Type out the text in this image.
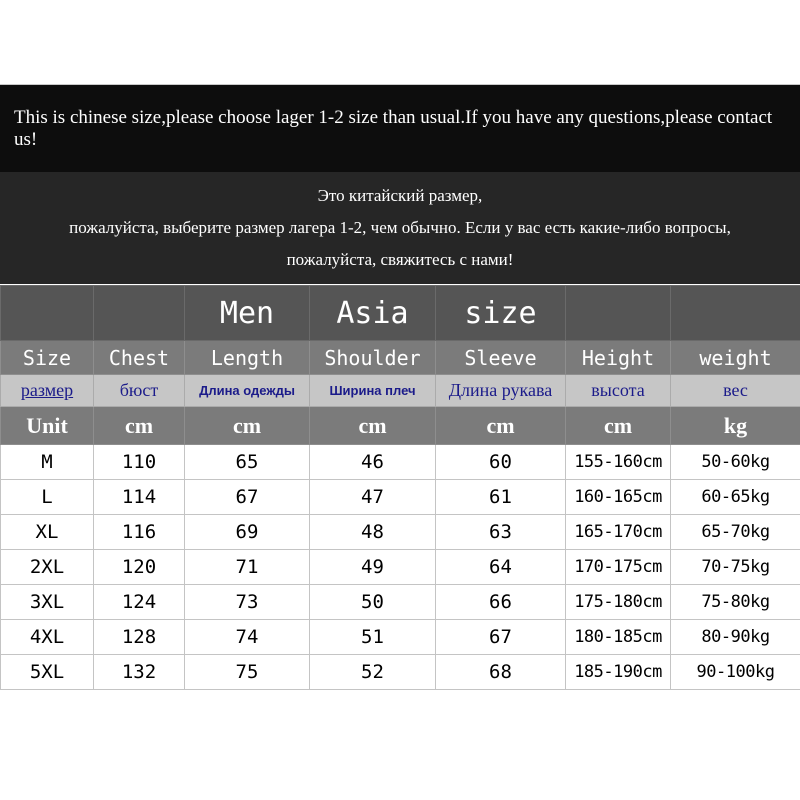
This is chinese size,please choose lager 1-2 size than usual.If you have any questions,please contact us!
Это китайский размер,
пожалуйста, выберите размер лагера 1-2, чем обычно. Если у вас есть какие-либо вопросы,
пожалуйста, свяжитесь с нами!
		Men	Asia	size		
Size	Chest	Length	Shoulder	Sleeve	Height	weight
размер	бюст	Длина одежды	Ширина плеч	Длина рукава	высота	вес
Unit	cm	cm	cm	cm	cm	kg
M	110	65	46	60	155-160cm	50-60kg
L	114	67	47	61	160-165cm	60-65kg
XL	116	69	48	63	165-170cm	65-70kg
2XL	120	71	49	64	170-175cm	70-75kg
3XL	124	73	50	66	175-180cm	75-80kg
4XL	128	74	51	67	180-185cm	80-90kg
5XL	132	75	52	68	185-190cm	90-100kg
